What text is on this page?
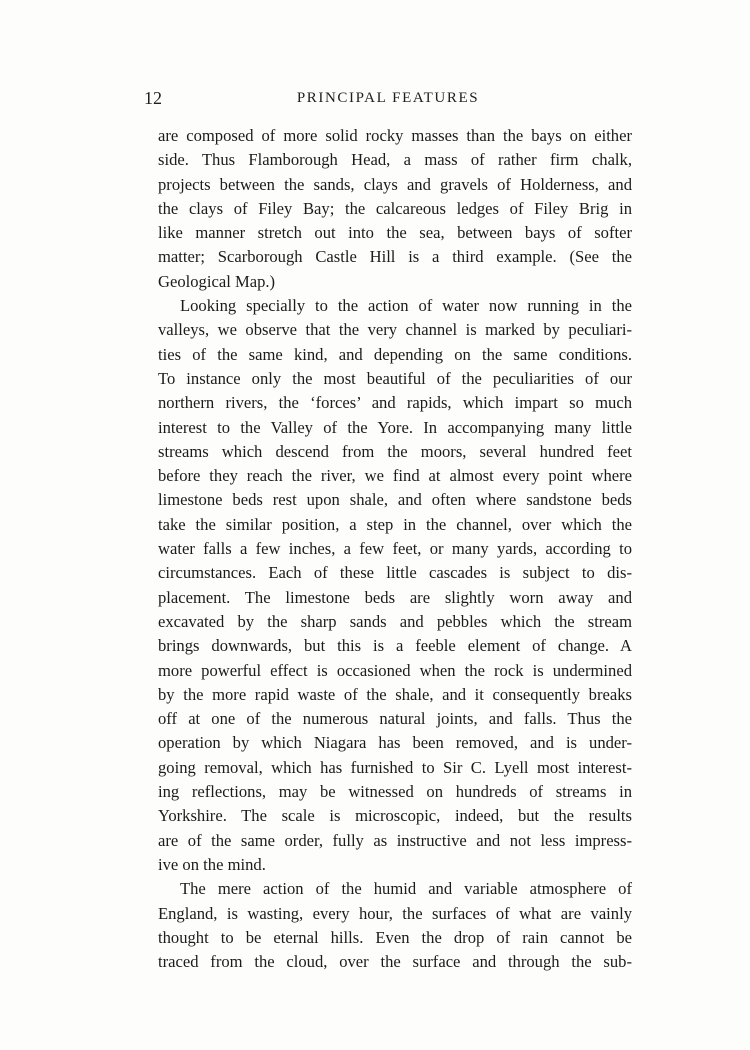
12	PRINCIPAL FEATURES
are composed of more solid rocky masses than the bays on either
side. Thus Flamborough Head, a mass of rather firm chalk,
projects between the sands, clays and gravels of Holderness, and
the clays of Filey Bay; the calcareous ledges of Filey Brig in
like manner stretch out into the sea, between bays of softer
matter; Scarborough Castle Hill is a third example. (See the
Geological Map.)
Looking specially to the action of water now running in the
valleys, we observe that the very channel is marked by peculiari-
ties of the same kind, and depending on the same conditions.
To instance only the most beautiful of the peculiarities of our
northern rivers, the ‘forces’ and rapids, which impart so much
interest to the Valley of the Yore. In accompanying many little
streams which descend from the moors, several hundred feet
before they reach the river, we find at almost every point where
limestone beds rest upon shale, and often where sandstone beds
take the similar position, a step in the channel, over which the
water falls a few inches, a few feet, or many yards, according to
circumstances. Each of these little cascades is subject to dis-
placement. The limestone beds are slightly worn away and
excavated by the sharp sands and pebbles which the stream
brings downwards, but this is a feeble element of change. A
more powerful effect is occasioned when the rock is undermined
by the more rapid waste of the shale, and it consequently breaks
off at one of the numerous natural joints, and falls. Thus the
operation by which Niagara has been removed, and is under-
going removal, which has furnished to Sir C. Lyell most interest-
ing reflections, may be witnessed on hundreds of streams in
Yorkshire. The scale is microscopic, indeed, but the results
are of the same order, fully as instructive and not less impress-
ive on the mind.
The mere action of the humid and variable atmosphere of
England, is wasting, every hour, the surfaces of what are vainly
thought to be eternal hills. Even the drop of rain cannot be
traced from the cloud, over the surface and through the sub-
